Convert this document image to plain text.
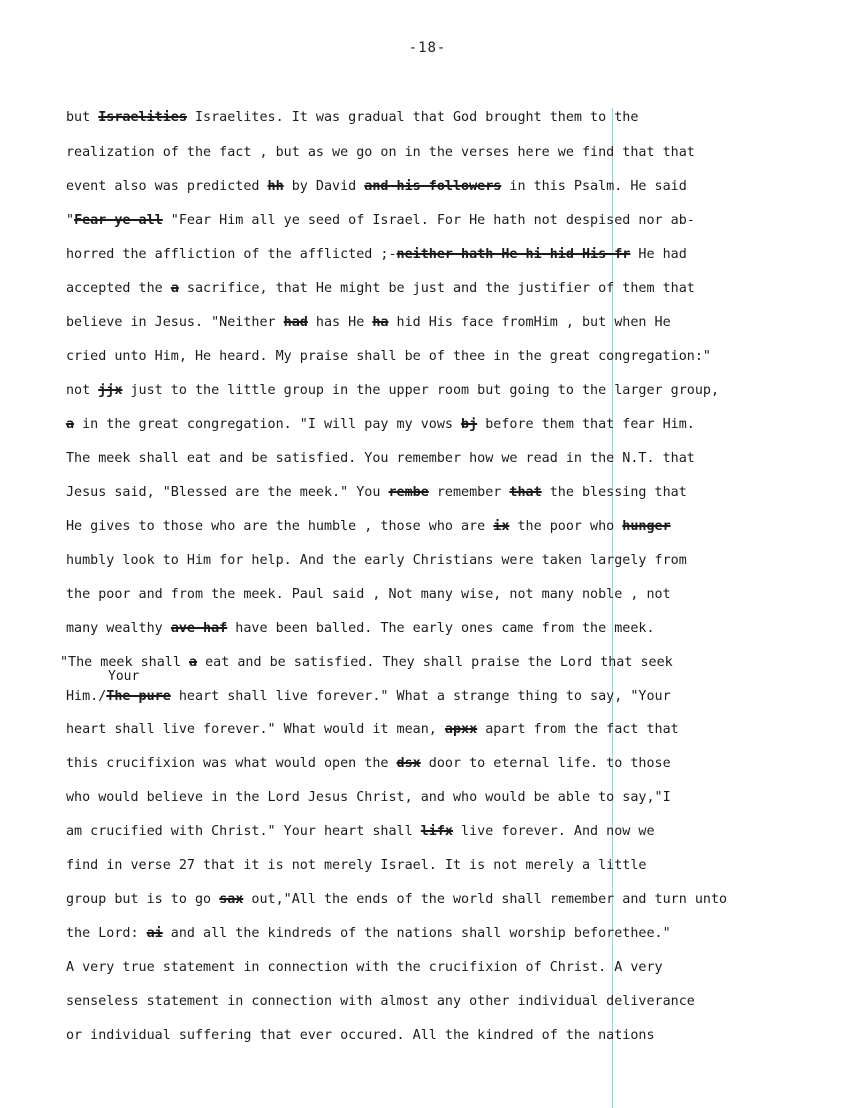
-18-
Your
but Israelities Israelites. It was gradual that God brought them to the
realization of the fact , but as we go on in the verses here we find that that
event also was predicted hh by David and his followers in this Psalm. He said
"Fear ye all "Fear Him all ye seed of Israel. For He hath not despised nor ab-
horred the affliction of the afflicted ;-neither hath He hi hid His fr He had
accepted the a sacrifice, that He might be just and the justifier of them that
believe in Jesus. "Neither had has He ha hid His face fromHim , but when He
cried unto Him, He heard. My praise shall be of thee in the great congregation:"
not jjx just to the little group in the upper room but going to the larger group,
a in the great congregation. "I will pay my vows bj before them that fear Him.
The meek shall eat and be satisfied. You remember how we read in the N.T. that
Jesus said, "Blessed are the meek." You rembe remember that the blessing that
He gives to those who are the humble , those who are ix the poor who hunger
humbly look to Him for help. And the early Christians were taken largely from
the poor and from the meek. Paul said , Not many wise, not many noble , not
many wealthy ave haf have been balled. The early ones came from the meek.
"The meek shall a eat and be satisfied. They shall praise the Lord that seek
Him./The pure heart shall live forever." What a strange thing to say, "Your
heart shall live forever." What would it mean, apxx apart from the fact that
this crucifixion was what would open the dsx door to eternal life. to those
who would believe in the Lord Jesus Christ, and who would be able to say,"I
am crucified with Christ." Your heart shall lifx live forever. And now we
find in verse 27 that it is not merely Israel. It is not merely a little
group but is to go sax out,"All the ends of the world shall remember and turn unto
the Lord: ai and all the kindreds of the nations shall worship beforethee."
A very true statement in connection with the crucifixion of Christ. A very
senseless statement in connection with almost any other individual deliverance
or individual suffering that ever occured. All the kindred of the nations
